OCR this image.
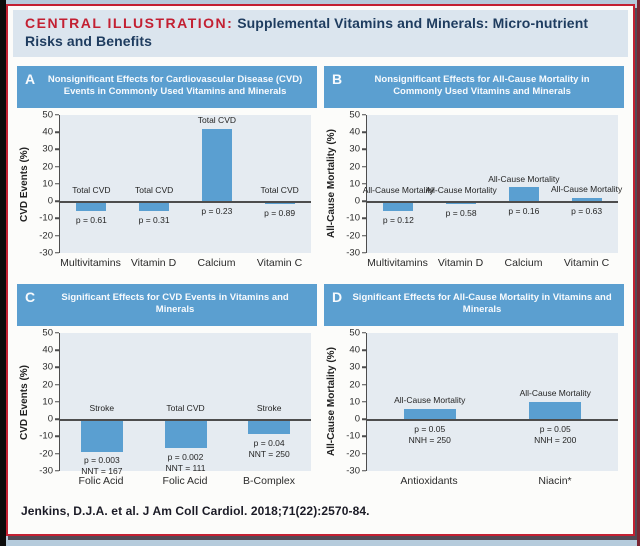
CENTRAL ILLUSTRATION: Supplemental Vitamins and Minerals: Micro-nutrient Risks and Benefits
A	Nonsignificant Effects for Cardiovascular Disease (CVD) Events in Commonly Used Vitamins and Minerals
CVD Events (%)
50
40
30
20
10
0
-10
-20
-30
Total CVD
p = 0.61
Total CVD
p = 0.31
Total CVD
p = 0.23
Total CVD
p = 0.89
Multivitamins Vitamin D	Calcium	Vitamin C
B	Nonsignificant Effects for All-Cause Mortality in Commonly Used Vitamins and Minerals
All-Cause Mortality (%)
50
40
30
20
10
0
-10
-20
-30
All-Cause Mortality
p = 0.12
All-Cause Mortality
p = 0.58
All-Cause Mortality
p = 0.16
All-Cause Mortality
p = 0.63
Multivitamins Vitamin D	Calcium	Vitamin C
C	Significant Effects for CVD Events in Vitamins and Minerals
CVD Events (%)
50
40
30
20
10
0
-10
-20
-30
Stroke
p = 0.003
NNT = 167
Total CVD
p = 0.002
NNT = 111
Stroke
p = 0.04
NNT = 250
Folic Acid	Folic Acid	B-Complex
D	Significant Effects for All-Cause Mortality in Vitamins and Minerals
All-Cause Mortality (%)
50
40
30
20
10
0
-10
-20
-30
All-Cause Mortality
p = 0.05
NNH = 250
All-Cause Mortality
p = 0.05
NNH = 200
Antioxidants	Niacin*
Jenkins, D.J.A. et al. J Am Coll Cardiol. 2018;71(22):2570-84.
